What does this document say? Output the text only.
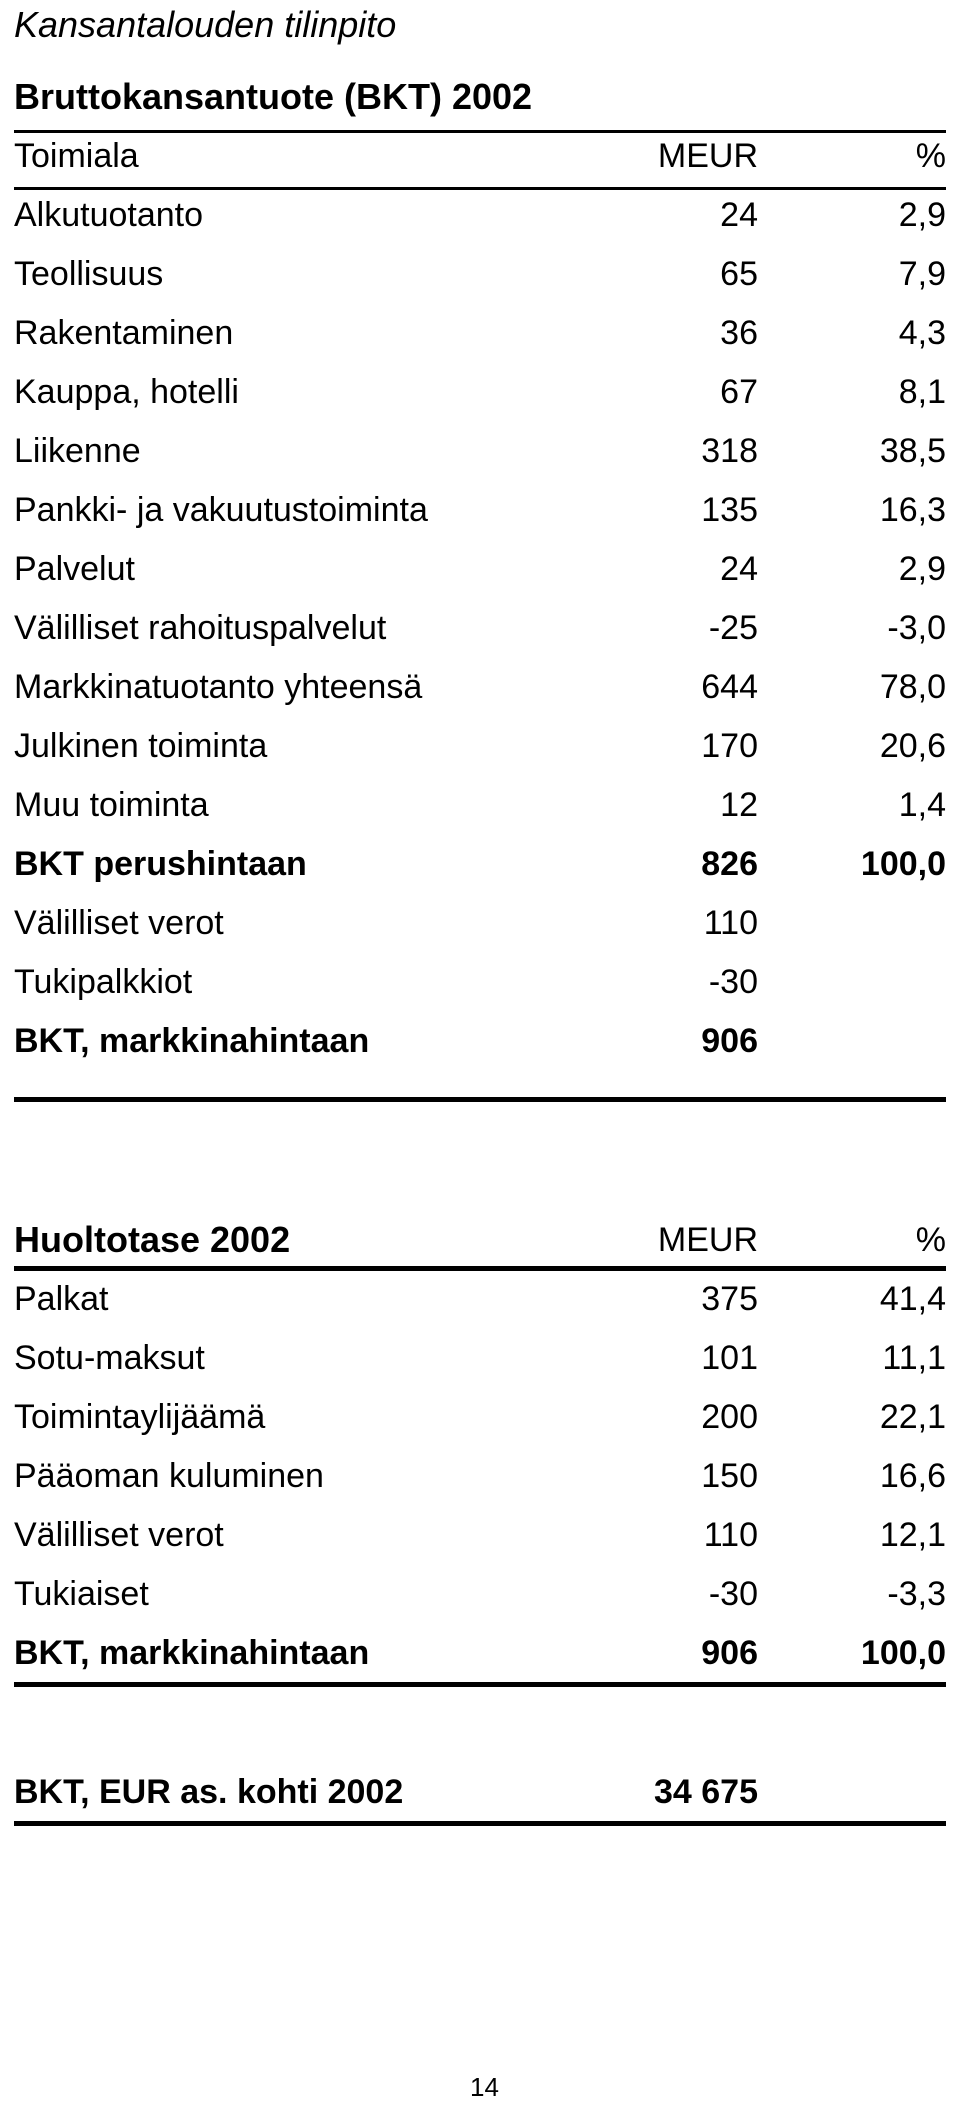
Kansantalouden tilinpito
Bruttokansantuote (BKT) 2002
Toimiala	MEUR	%
Alkutuotanto	24	2,9
Teollisuus	65	7,9
Rakentaminen	36	4,3
Kauppa, hotelli	67	8,1
Liikenne	318	38,5
Pankki- ja vakuutustoiminta	135	16,3
Palvelut	24	2,9
Välilliset rahoituspalvelut	-25	-3,0
Markkinatuotanto yhteensä	644	78,0
Julkinen toiminta	170	20,6
Muu toiminta	12	1,4
BKT perushintaan	826	100,0
Välilliset verot	110
Tukipalkkiot	-30
BKT, markkinahintaan	906
Huoltotase 2002	MEUR	%
Palkat	375	41,4
Sotu-maksut	101	11,1
Toimintaylijäämä	200	22,1
Pääoman kuluminen	150	16,6
Välilliset verot	110	12,1
Tukiaiset	-30	-3,3
BKT, markkinahintaan	906	100,0
BKT, EUR as. kohti 2002	34 675
14
